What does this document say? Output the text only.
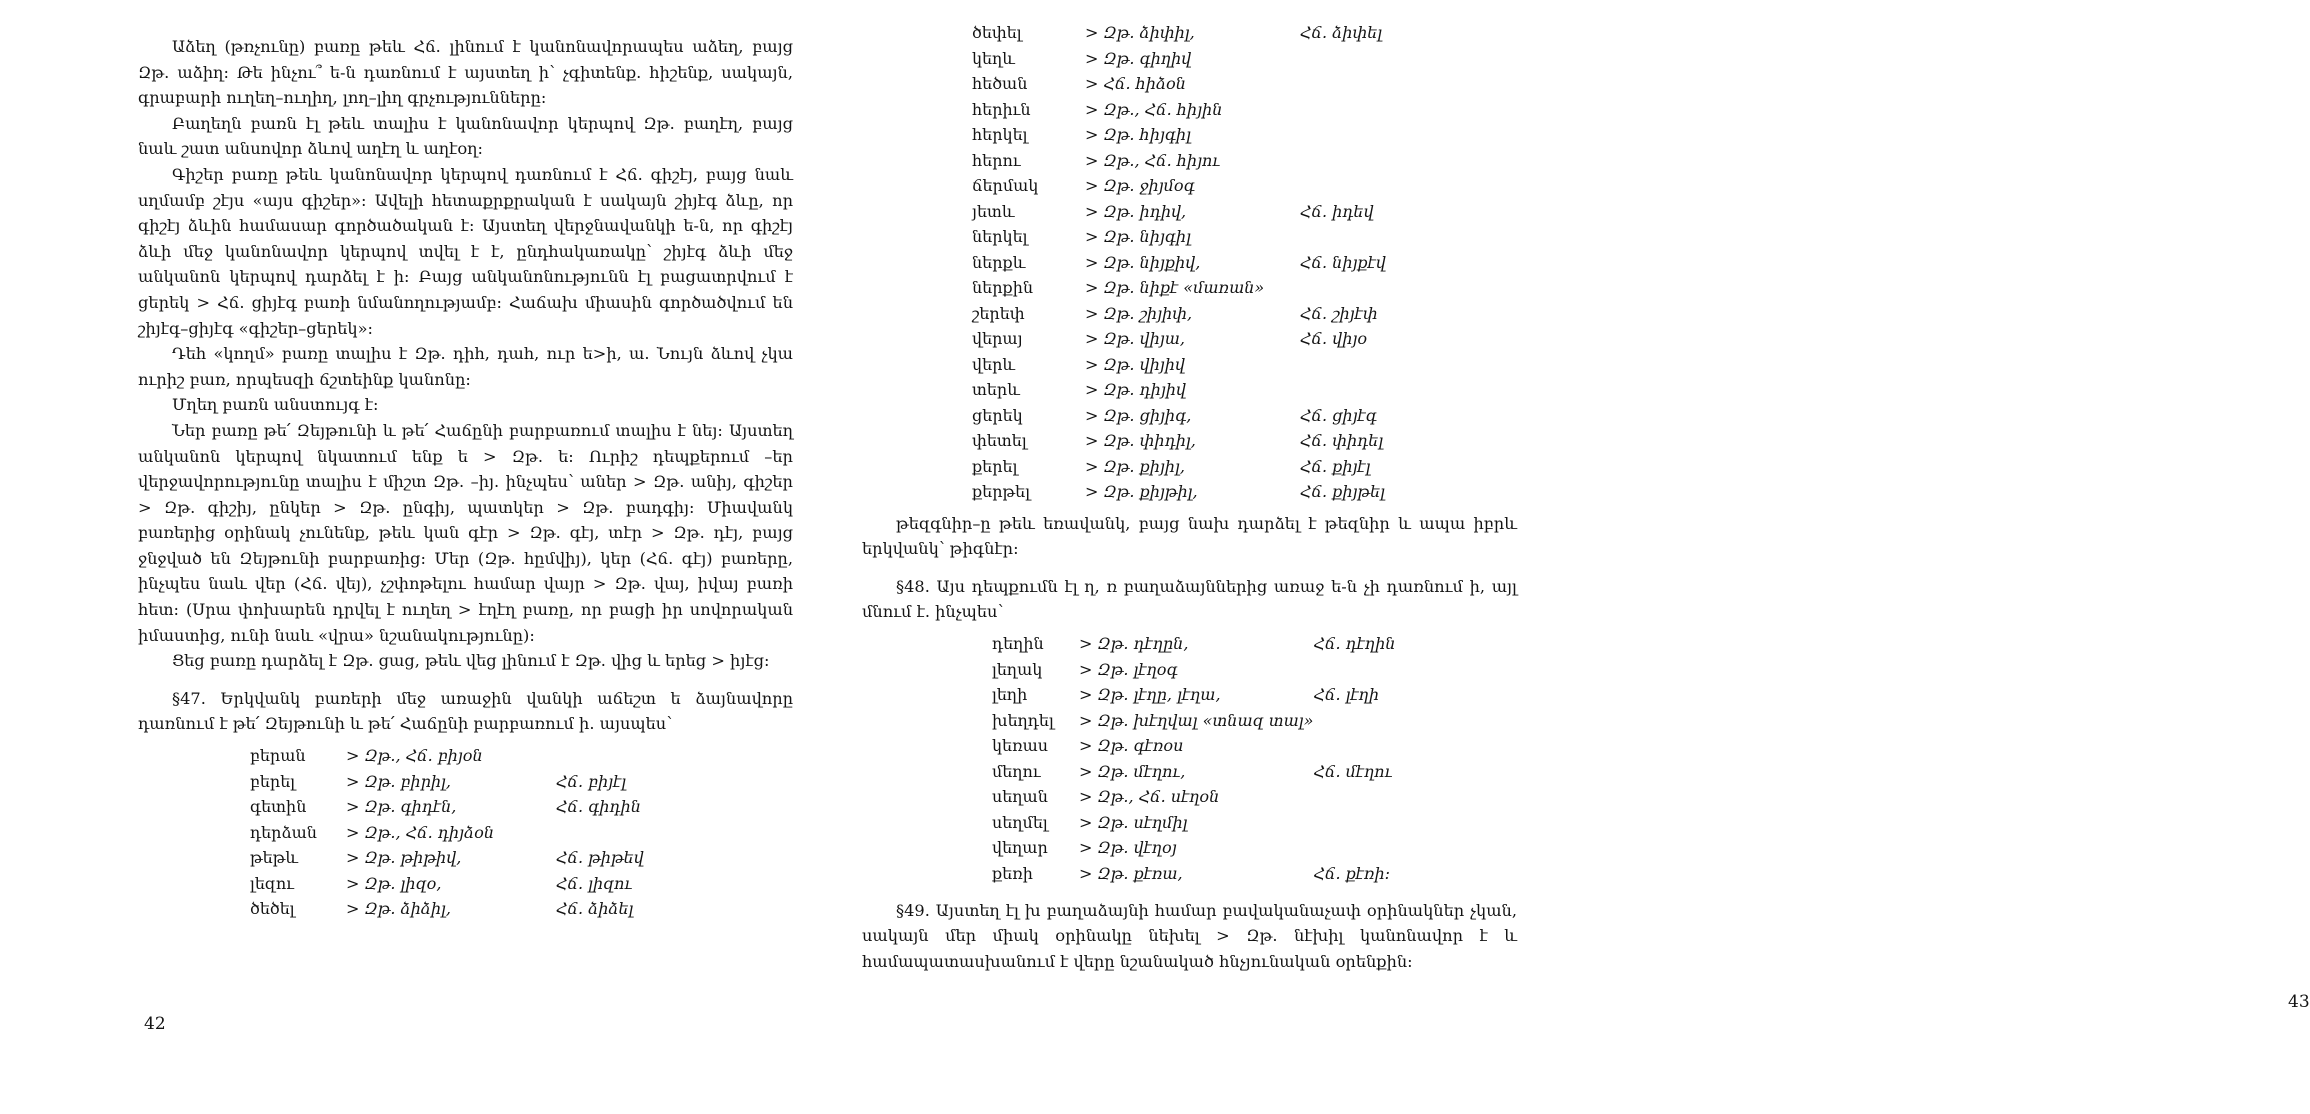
Աձեղ (թռչունը) բառը թեև Հճ. լինում է կանոնավորապես աձեղ, բայց Զթ. աձիղ: Թե ինչու՞ ե-ն դառնում է այստեղ ի՝ չգիտենք. հիշենք, սակայն, գրաբարի ուղեղ–ուղիղ, լող–լիղ գրչությունները:

Բաղեղն բառն էլ թեև տալիս է կանոնավոր կերպով Զթ. բաղէղ, բայց նաև շատ անսովոր ձևով աղէղ և աղէօղ:

Գիշեր բառը թեև կանոնավոր կերպով դառնում է Հճ. գիշէյ, բայց նաև սղմամբ շէյս «այս գիշեր»: Ավելի հետաքրքրական է սակայն շիյէգ ձևը, որ գիշէյ ձևին համասար գործածական է: Այստեղ վերջնավանկի ե-ն, որ գիշէյ ձևի մեջ կանոնավոր կերպով տվել է է, ընդհակառակը՝ շիյէգ ձևի մեջ անկանոն կերպով դարձել է ի: Բայց անկանոնությունն էլ բացատրվում է ցերեկ > Հճ. ցիյէգ բառի նմանողությամբ: Հաճախ միասին գործածվում են շիյէգ–ցիյէգ «գիշեր–ցերեկ»:

Դեհ «կողմ» բառը տալիս է Զթ. դիհ, դահ, ուր ե>ի, ա. Նույն ձևով չկա ուրիշ բառ, որպեսզի ճշտեինք կանոնը:

Մղեղ բառն անստույգ է:

Ներ բառը թե՛ Զեյթունի և թե՛ Հաճընի բարբառում տալիս է նեյ: Այստեղ անկանոն կերպով նկատում ենք ե > Զթ. ե: Ուրիշ դեպքերում –եր վերջավորությունը տալիս է միշտ Զթ. –իյ. ինչպես՝ աներ > Զթ. անիյ, գիշեր > Զթ. գիշիյ, ընկեր > Զթ. ընգիյ, պատկեր > Զթ. բադգիյ: Միավանկ բառերից օրինակ չունենք, թեև կան գէր > Զթ. գէյ, տէր > Զթ. դէյ, բայց ջնջված են Զեյթունի բարբառից: Մեր (Զթ. հըմվիյ), կեր (Հճ. գէյ) բառերը, ինչպես նաև վեր (Հճ. վեյ), չշփոթելու համար վայր > Զթ. վայ, իվայ բառի հետ: (Սրա փոխարեն դրվել է ուղեղ > էղէղ բառը, որ բացի իր սովորական իմաստից, ունի նաև «վրա» նշանակությունը):

Ցեց բառը դարձել է Զթ. ցաց, թեև վեց լինում է Զթ. վից և երեց > իյէց:

§47. Երկվանկ բառերի մեջ առաջին վանկի աճեշտ ե ձայնավորը դառնում է թե՛ Զեյթունի և թե՛ Հաճընի բարբառում ի. այսպես՝

բերան	> Զթ., Հճ. բիյօն	
բերել	> Զթ. բիրիլ,	Հճ. բիյէլ
գետին	> Զթ. գիդէն,	Հճ. գիդին
դերձան	> Զթ., Հճ. դիյձօն	
թեթև	> Զթ. թիթիվ,	Հճ. թիթեվ
լեզու	> Զթ. լիզօ,	Հճ. լիզու
ծեծել	> Զթ. ձիձիլ,	Հճ. ձիձել
42
ծեփել	> Զթ. ձիփիլ,	Հճ. ձիփել
կեղև	> Զթ. գիղիվ	
հեծան	> Հճ. հիձօն	
հերիւն	> Զթ., Հճ. հիյին	
հերկել	> Զթ. հիյգիլ	
հերու	> Զթ., Հճ. հիյու	
ճերմակ	> Զթ. ջիյմօգ	
յետև	> Զթ. իդիվ,	Հճ. իդեվ
ներկել	> Զթ. նիյգիլ	
ներքև	> Զթ. նիյքիվ,	Հճ. նիյքէվ
ներքին	> Զթ. նիքէ «մառան»	
շերեփ	> Զթ. շիյիփ,	Հճ. շիյէփ
վերայ	> Զթ. վիյա,	Հճ. վիյօ
վերև	> Զթ. վիյիվ	
տերև	> Զթ. դիյիվ	
ցերեկ	> Զթ. ցիյիգ,	Հճ. ցիյէգ
փետել	> Զթ. փիդիլ,	Հճ. փիդել
քերել	> Զթ. քիյիլ,	Հճ. քիյէլ
քերթել	> Զթ. քիյթիլ,	Հճ. քիյթել

թեզգնիր–ը թեև եռավանկ, բայց նախ դարձել է թեզնիր և ապա իբրև երկվանկ՝ թիգնէր:

§48. Այս դեպքումն էլ ղ, ռ բաղաձայններից առաջ ե-ն չի դառնում ի, այլ մնում է. ինչպես՝

դեղին	> Զթ. դէղըն,	Հճ. դէղին
լեղակ	> Զթ. լէղօգ	
լեղի	> Զթ. լէղը, լէղա,	Հճ. լէղի
խեղդել	> Զթ. խէղվալ «տնազ տալ»	
կեռաս	> Զթ. գէռօս	
մեղու	> Զթ. մէղու,	Հճ. մէղու
սեղան	> Զթ., Հճ. սէղօն	
սեղմել	> Զթ. սէղմիլ	
վեղար	> Զթ. վէղօյ	
քեռի	> Զթ. քէռա,	Հճ. քէռի:

§49. Այստեղ էլ խ բաղաձայնի համար բավականաչափ օրինակներ չկան, սակայն մեր միակ օրինակը նեխել > Զթ. նէխիլ կանոնավոր է և համապատասխանում է վերը նշանակած հնչյունական օրենքին:

43
